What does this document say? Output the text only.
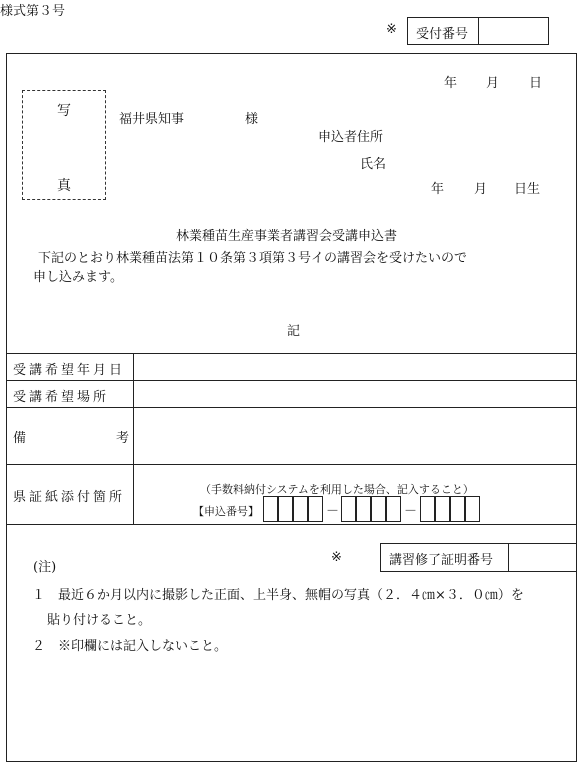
様式第３号
※ 受付番号
年 月 日
写
真
福井県知事	様
申込者住所
氏名
年 月 日生
林業種苗生産事業者講習会受講申込書
下記のとおり林業種苗法第１０条第３項第３号イの講習会を受けたいので
申し込みます。
記
受講希望年月日
受講希望場所
備	考
県証紙添付箇所
（手数料納付システムを利用した場合、記入すること）
【申込番号】	－	－
(注)
※	講習修了証明番号
１　最近６か月以内に撮影した正面、上半身、無帽の写真（２．４㎝×３．０㎝）を
貼り付けること。
２　※印欄には記入しないこと。
